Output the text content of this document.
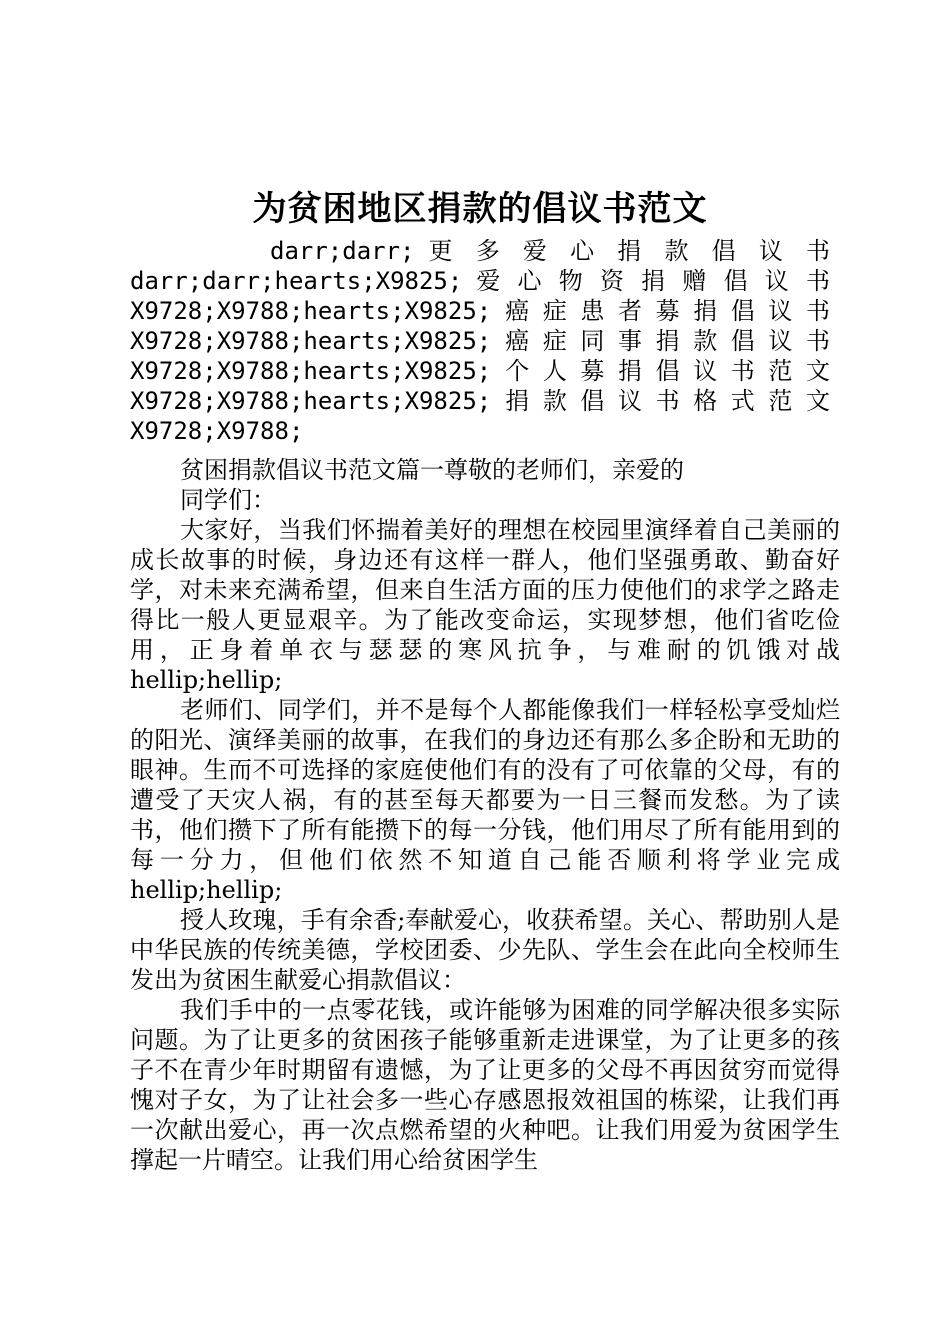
为贫困地区捐款的倡议书范文
darr;darr; 更 多 爱 心 捐 款 倡 议 书
darr;darr;hearts;X9825; 爱 心 物 资 捐 赠 倡 议 书
X9728;X9788;hearts;X9825; 癌 症 患 者 募 捐 倡 议 书
X9728;X9788;hearts;X9825; 癌 症 同 事 捐 款 倡 议 书
X9728;X9788;hearts;X9825; 个 人 募 捐 倡 议 书 范 文
X9728;X9788;hearts;X9825; 捐 款 倡 议 书 格 式 范 文
X9728;X9788;

贫困捐款倡议书范文篇一尊敬的老师们，亲爱的

同学们：

大家好，当我们怀揣着美好的理想在校园里演绎着自己美丽的成长故事的时候，身边还有这样一群人，他们坚强勇敢、勤奋好学，对未来充满希望，但来自生活方面的压力使他们的求学之路走得比一般人更显艰辛。为了能改变命运，实现梦想，他们省吃俭用，正身着单衣与瑟瑟的寒风抗争，与难耐的饥饿对战hellip;hellip;

老师们、同学们，并不是每个人都能像我们一样轻松享受灿烂的阳光、演绎美丽的故事，在我们的身边还有那么多企盼和无助的眼神。生而不可选择的家庭使他们有的没有了可依靠的父母，有的遭受了天灾人祸，有的甚至每天都要为一日三餐而发愁。为了读书，他们攒下了所有能攒下的每一分钱，他们用尽了所有能用到的每一分力，但他们依然不知道自己能否顺利将学业完成hellip;hellip;

授人玫瑰，手有余香;奉献爱心，收获希望。关心、帮助别人是中华民族的传统美德，学校团委、少先队、学生会在此向全校师生发出为贫困生献爱心捐款倡议：

我们手中的一点零花钱，或许能够为困难的同学解决很多实际问题。为了让更多的贫困孩子能够重新走进课堂，为了让更多的孩子不在青少年时期留有遗憾，为了让更多的父母不再因贫穷而觉得愧对子女，为了让社会多一些心存感恩报效祖国的栋梁，让我们再一次献出爱心，再一次点燃希望的火种吧。让我们用爱为贫困学生撑起一片晴空。让我们用心给贫困学生
